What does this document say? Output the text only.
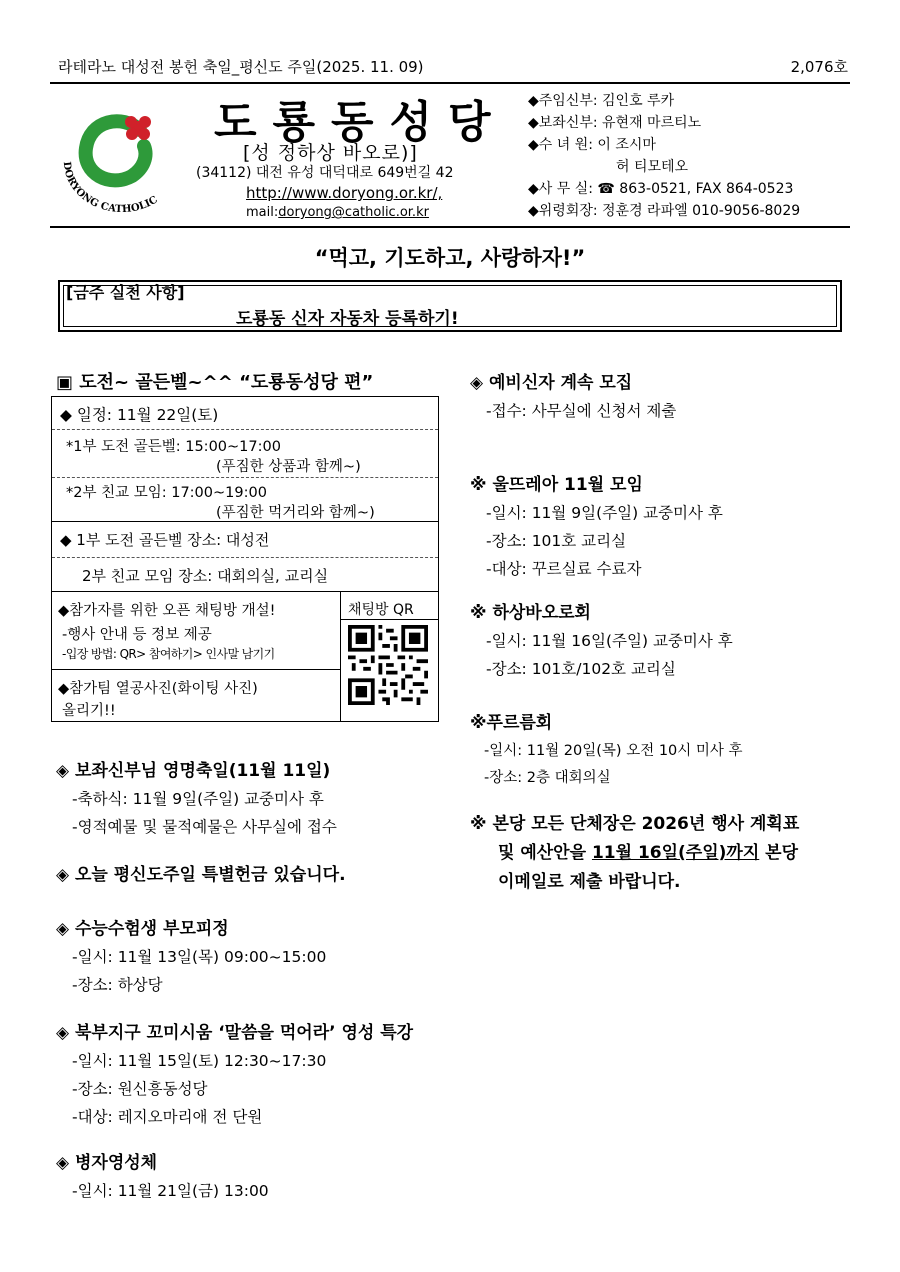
라테라노 대성전 봉헌 축일_평신도 주일(2025. 11. 09)	2,076호
DORYONG CATHOLIC
도룡동성당
[성 정하상 바오로)]
(34112) 대전 유성 대덕대로 649번길 42
http://www.doryong.or.kr/,
mail:doryong@catholic.or.kr
◆주임신부: 김인호 루카
◆보좌신부: 유현재 마르티노
◆수 녀 원: 이 조시마
허 티모테오
◆사 무 실: ☎ 863-0521, FAX 864-0523
◆위령회장: 정훈경 라파엘 010-9056-8029
“먹고, 기도하고, 사랑하자!”
[금주 실천 사항]
도룡동 신자 자동차 등록하기!
▣ 도전~ 골든벨~^^ “도룡동성당 편”
◆ 일정: 11월 22일(토)
*1부 도전 골든벨: 15:00~17:00
(푸짐한 상품과 함께~)
*2부 친교 모임: 17:00~19:00
(푸짐한 먹거리와 함께~)
◆ 1부 도전 골든벨 장소: 대성전
2부 친교 모임 장소: 대회의실, 교리실
◆참가자를 위한 오픈 채팅방 개설!
-행사 안내 등 정보 제공
-입장 방법: QR> 참여하기> 인사말 남기기
◆참가팀 열공사진(화이팅 사진)
올리기!!
채팅방 QR
◈ 보좌신부님 영명축일(11월 11일)
-축하식: 11월 9일(주일) 교중미사 후
-영적예물 및 물적예물은 사무실에 접수
◈ 오늘 평신도주일 특별헌금 있습니다.
◈ 수능수험생 부모피정
-일시: 11월 13일(목) 09:00~15:00
-장소: 하상당
◈ 북부지구 꼬미시움 ‘말씀을 먹어라’ 영성 특강
-일시: 11월 15일(토) 12:30~17:30
-장소: 원신흥동성당
-대상: 레지오마리애 전 단원
◈ 병자영성체
-일시: 11월 21일(금) 13:00
◈ 예비신자 계속 모집
-접수: 사무실에 신청서 제출
※ 울뜨레아 11월 모임
-일시: 11월 9일(주일) 교중미사 후
-장소: 101호 교리실
-대상: 꾸르실료 수료자
※ 하상바오로회
-일시: 11월 16일(주일) 교중미사 후
-장소: 101호/102호 교리실
※푸르름회
-일시: 11월 20일(목) 오전 10시 미사 후
-장소: 2층 대회의실
※ 본당 모든 단체장은 2026년 행사 계획표
및 예산안을 11월 16일(주일)까지 본당
이메일로 제출 바랍니다.
